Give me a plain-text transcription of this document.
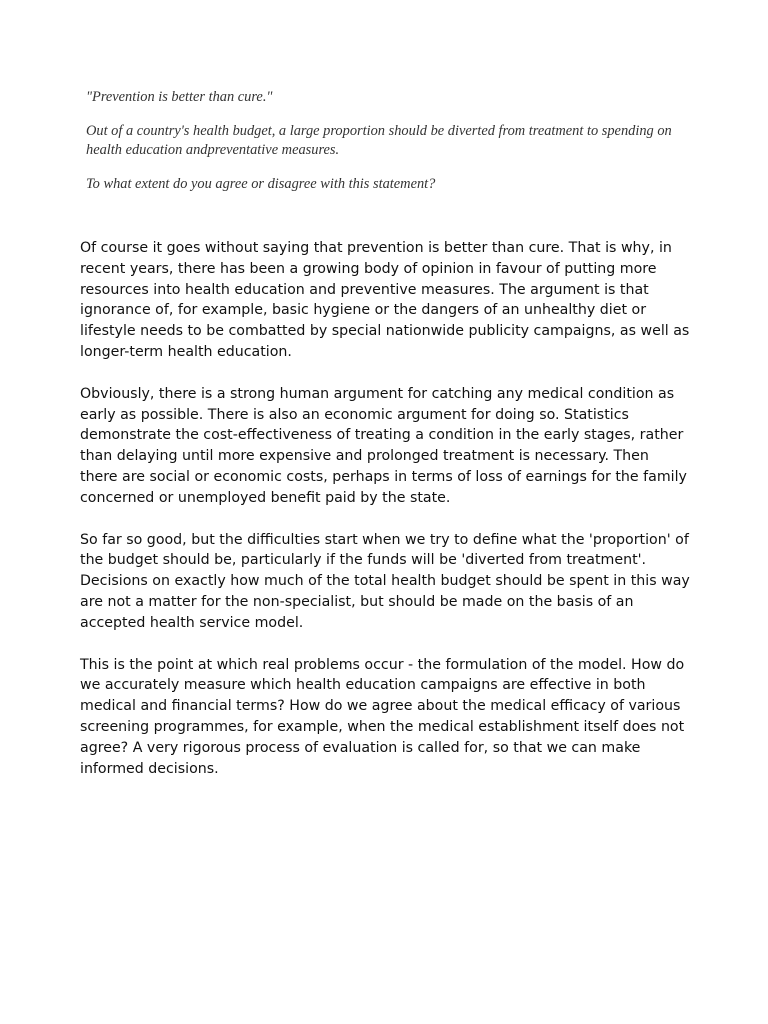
"Prevention is better than cure."

Out of a country's health budget, a large proportion should be diverted from treatment to spending on health education andpreventative measures.

To what extent do you agree or disagree with this statement?

Of course it goes without saying that prevention is better than cure. That is why, in recent years, there has been a growing body of opinion in favour of putting more resources into health education and preventive measures. The argument is that ignorance of, for example, basic hygiene or the dangers of an unhealthy diet or lifestyle needs to be combatted by special nationwide publicity campaigns, as well as longer-term health education.

Obviously, there is a strong human argument for catching any medical condition as early as possible. There is also an economic argument for doing so. Statistics demonstrate the cost-effectiveness of treating a condition in the early stages, rather than delaying until more expensive and prolonged treatment is necessary. Then there are social or economic costs, perhaps in terms of loss of earnings for the family concerned or unemployed benefit paid by the state.

So far so good, but the difficulties start when we try to define what the 'proportion' of the budget should be, particularly if the funds will be 'diverted from treatment'. Decisions on exactly how much of the total health budget should be spent in this way are not a matter for the non-specialist, but should be made on the basis of an accepted health service model.

This is the point at which real problems occur - the formulation of the model. How do we accurately measure which health education campaigns are effective in both medical and financial terms? How do we agree about the medical efficacy of various screening programmes, for example, when the medical establishment itself does not agree? A very rigorous process of evaluation is called for, so that we can make informed decisions.
